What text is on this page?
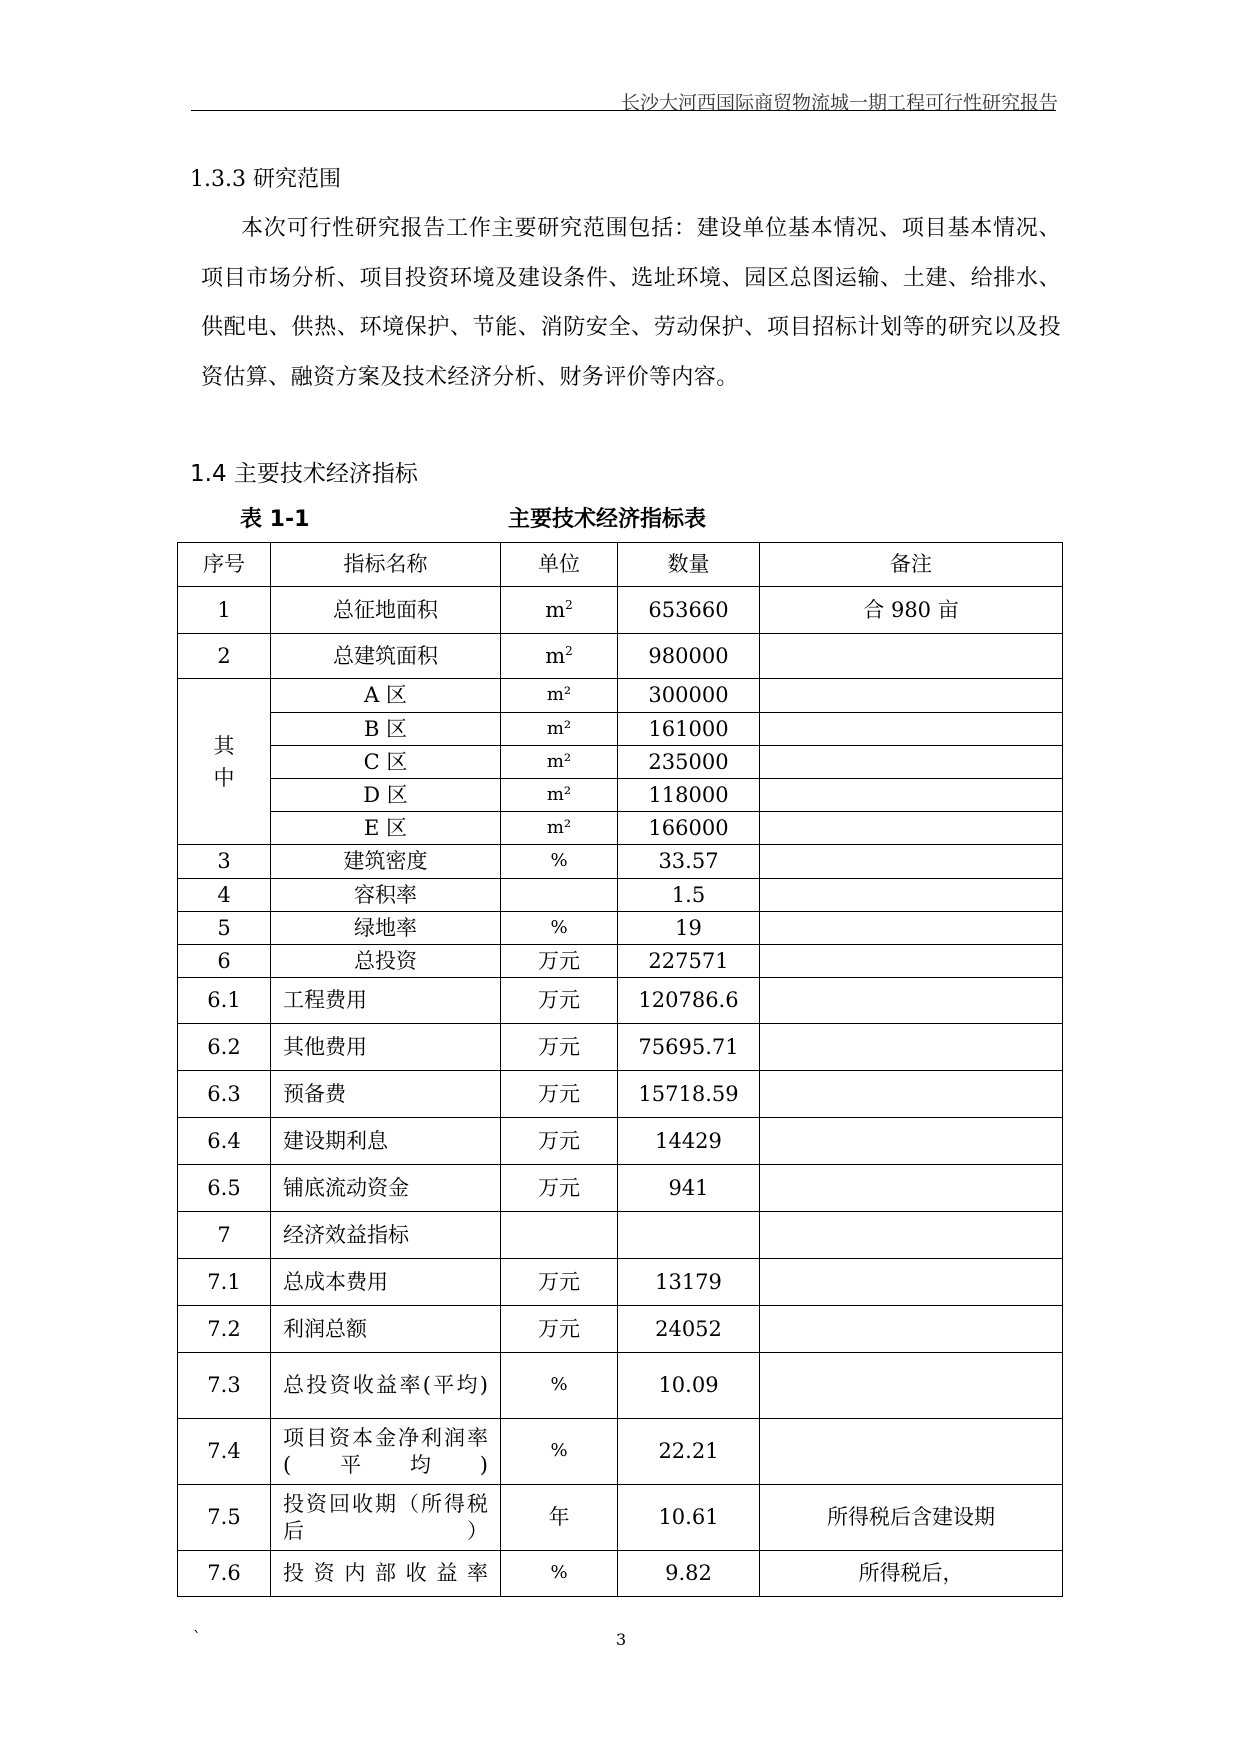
长沙大河西国际商贸物流城一期工程可行性研究报告
1.3.3 研究范围
本次可行性研究报告工作主要研究范围包括：建设单位基本情况、项目基本情况、项目市场分析、项目投资环境及建设条件、选址环境、园区总图运输、土建、给排水、供配电、供热、环境保护、节能、消防安全、劳动保护、项目招标计划等的研究以及投资估算、融资方案及技术经济分析、财务评价等内容。
1.4 主要技术经济指标
表 1-1	主要技术经济指标表
序号	指标名称	单位	数量	备注
1	总征地面积	$m^2$	653660	合 980 亩
2	总建筑面积	$m^2$	980000	

其
中	A 区	m²	300000	
	B 区	m²	161000	
	C 区	m²	235000	
	D 区	m²	118000	
	E 区	m²	166000	
3	建筑密度	%	33.57	
4	容积率		1.5	
5	绿地率	%	19	
6	总投资	万元	227571	
6.1	工程费用	万元	120786.6	
6.2	其他费用	万元	75695.71	
6.3	预备费	万元	15718.59	
6.4	建设期利息	万元	14429	
6.5	铺底流动资金	万元	941	
7	经济效益指标			
7.1	总成本费用	万元	13179	
7.2	利润总额	万元	24052	
7.3	总投资收益率(平均)	%	10.09	
7.4	项目资本金净利润率(平均)	%	22.21	
7.5	投资回收期（所得税后）	年	10.61	所得税后含建设期
7.6	投资内部收益率	%	9.82	所得税后，
`	3
